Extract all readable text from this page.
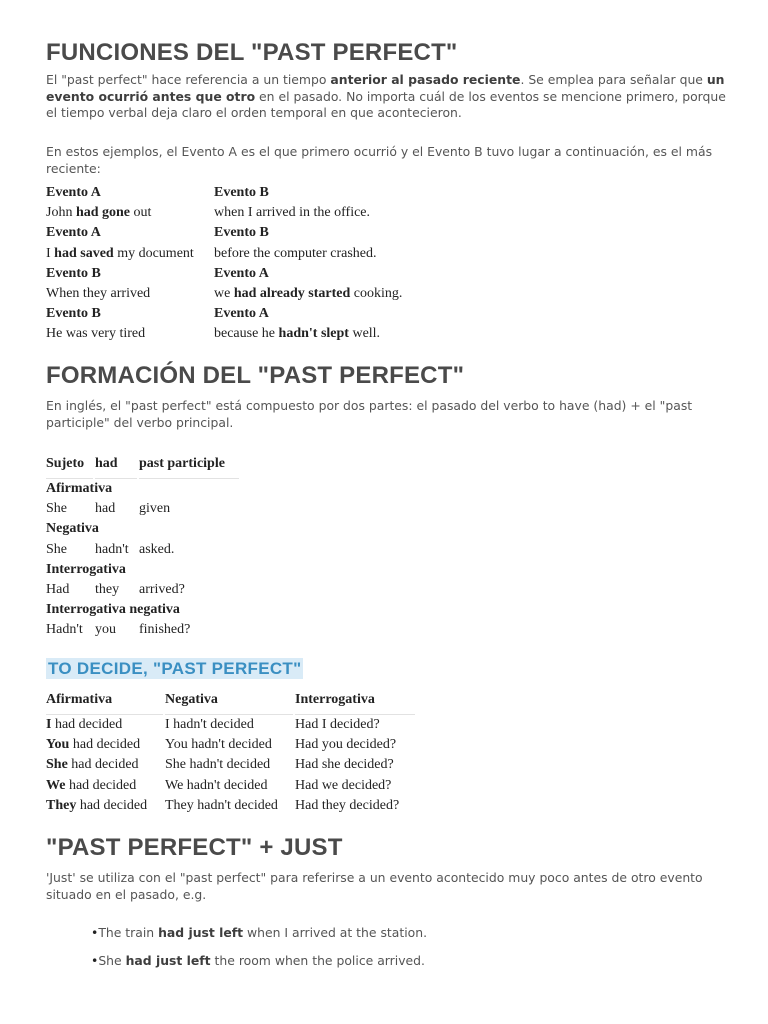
FUNCIONES DEL "PAST PERFECT"

El "past perfect" hace referencia a un tiempo anterior al pasado reciente. Se emplea para señalar que un evento ocurrió antes que otro en el pasado. No importa cuál de los eventos se mencione primero, porque el tiempo verbal deja claro el orden temporal en que acontecieron.

En estos ejemplos, el Evento A es el que primero ocurrió y el Evento B tuvo lugar a continuación, es el más reciente:

Evento A	Evento B
John had gone out	when I arrived in the office.
Evento A	Evento B
I had saved my document	before the computer crashed.
Evento B	Evento A
When they arrived	we had already started cooking.
Evento B	Evento A
He was very tired	because he hadn't slept well.
FORMACIÓN DEL "PAST PERFECT"

En inglés, el "past perfect" está compuesto por dos partes: el pasado del verbo to have (had) + el "past participle" del verbo principal.

Sujeto	had	past participle
Afirmativa		
She	had	given
Negativa		
She	hadn't	asked.
Interrogativa		
Had	they	arrived?
Interrogativa negativa		
Hadn't	you	finished?
TO DECIDE, "PAST PERFECT"
Afirmativa	Negativa	Interrogativa
I had decided	I hadn't decided	Had I decided?
You had decided	You hadn't decided	Had you decided?
She had decided	She hadn't decided	Had she decided?
We had decided	We hadn't decided	Had we decided?
They had decided	They hadn't decided	Had they decided?
"PAST PERFECT" + JUST

'Just' se utiliza con el "past perfect" para referirse a un evento acontecido muy poco antes de otro evento situado en el pasado, e.g.

•The train had just left when I arrived at the station.

•She had just left the room when the police arrived.
